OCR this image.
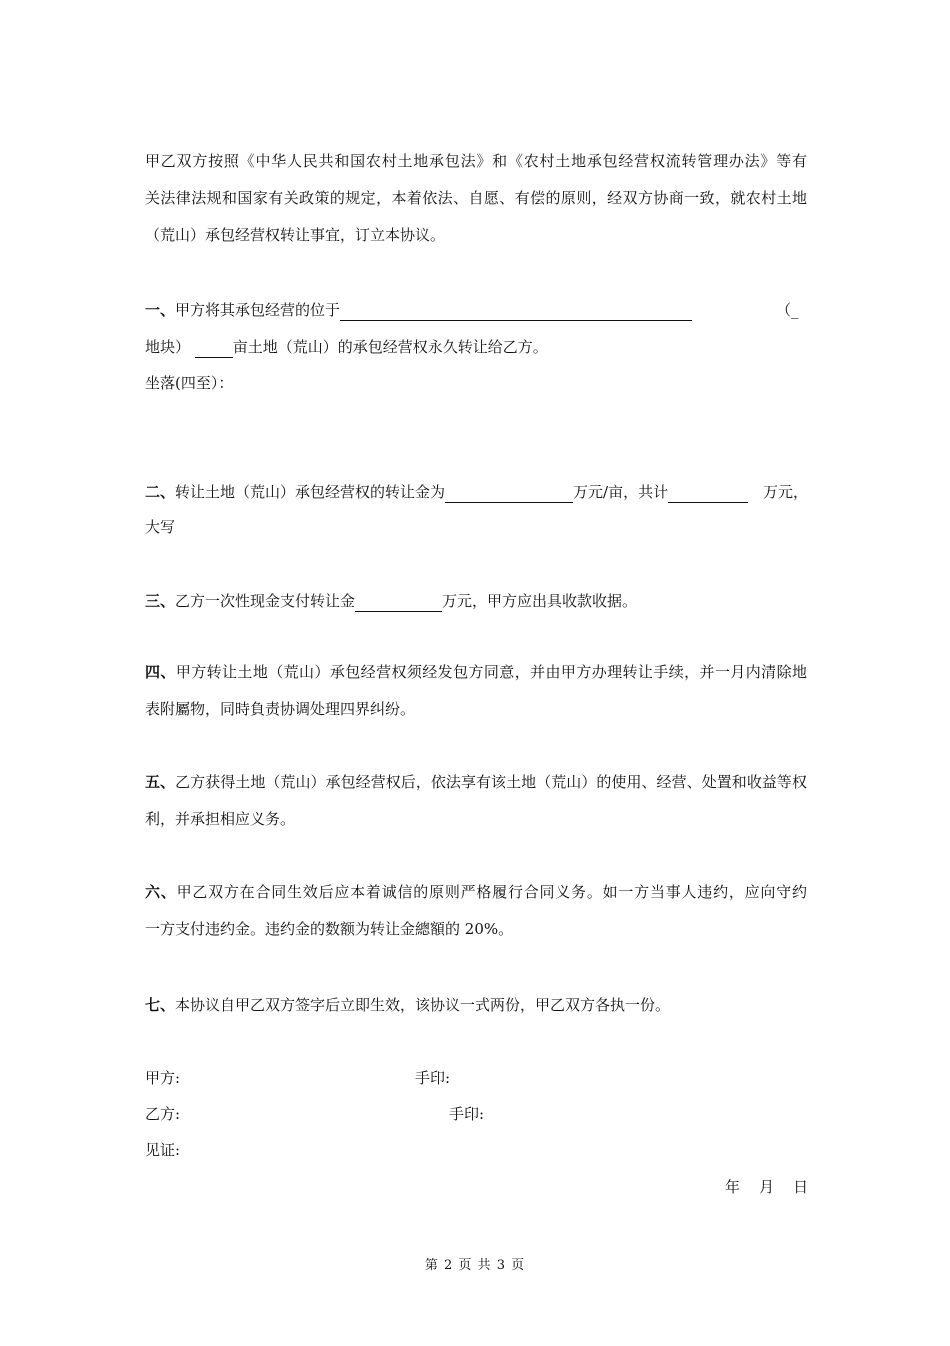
甲乙双方按照《中华人民共和国农村土地承包法》和《农村土地承包经营权流转管理办法》等有
关法律法规和国家有关政策的规定，本着依法、自愿、有偿的原则，经双方协商一致，就农村土地
（荒山）承包经营权转让事宜，订立本协议。
一、甲方将其承包经营的位于	（_
地块）	亩土地（荒山）的承包经营权永久转让给乙方。
坐落(四至）：
二、转让土地（荒山）承包经营权的转让金为	万元/亩，共计	万元，
大写
三、乙方一次性现金支付转让金	万元，甲方应出具收款收据。
四、甲方转让土地（荒山）承包经营权须经发包方同意，并由甲方办理转让手续，并一月内清除地
表附屬物，同時負责协调处理四界纠纷。
五、乙方获得土地（荒山）承包经营权后，依法享有该土地（荒山）的使用、经营、处置和收益等权
利，并承担相应义务。
六、甲乙双方在合同生效后应本着诚信的原则严格履行合同义务。如一方当事人违约，应向守约
一方支付违约金。违约金的数额为转让金總額的 20%。
七、本协议自甲乙双方签字后立即生效，该协议一式两份，甲乙双方各执一份。
甲方:	手印:
乙方:	手印:
见证:
年    月    日
第 2 页 共 3 页
